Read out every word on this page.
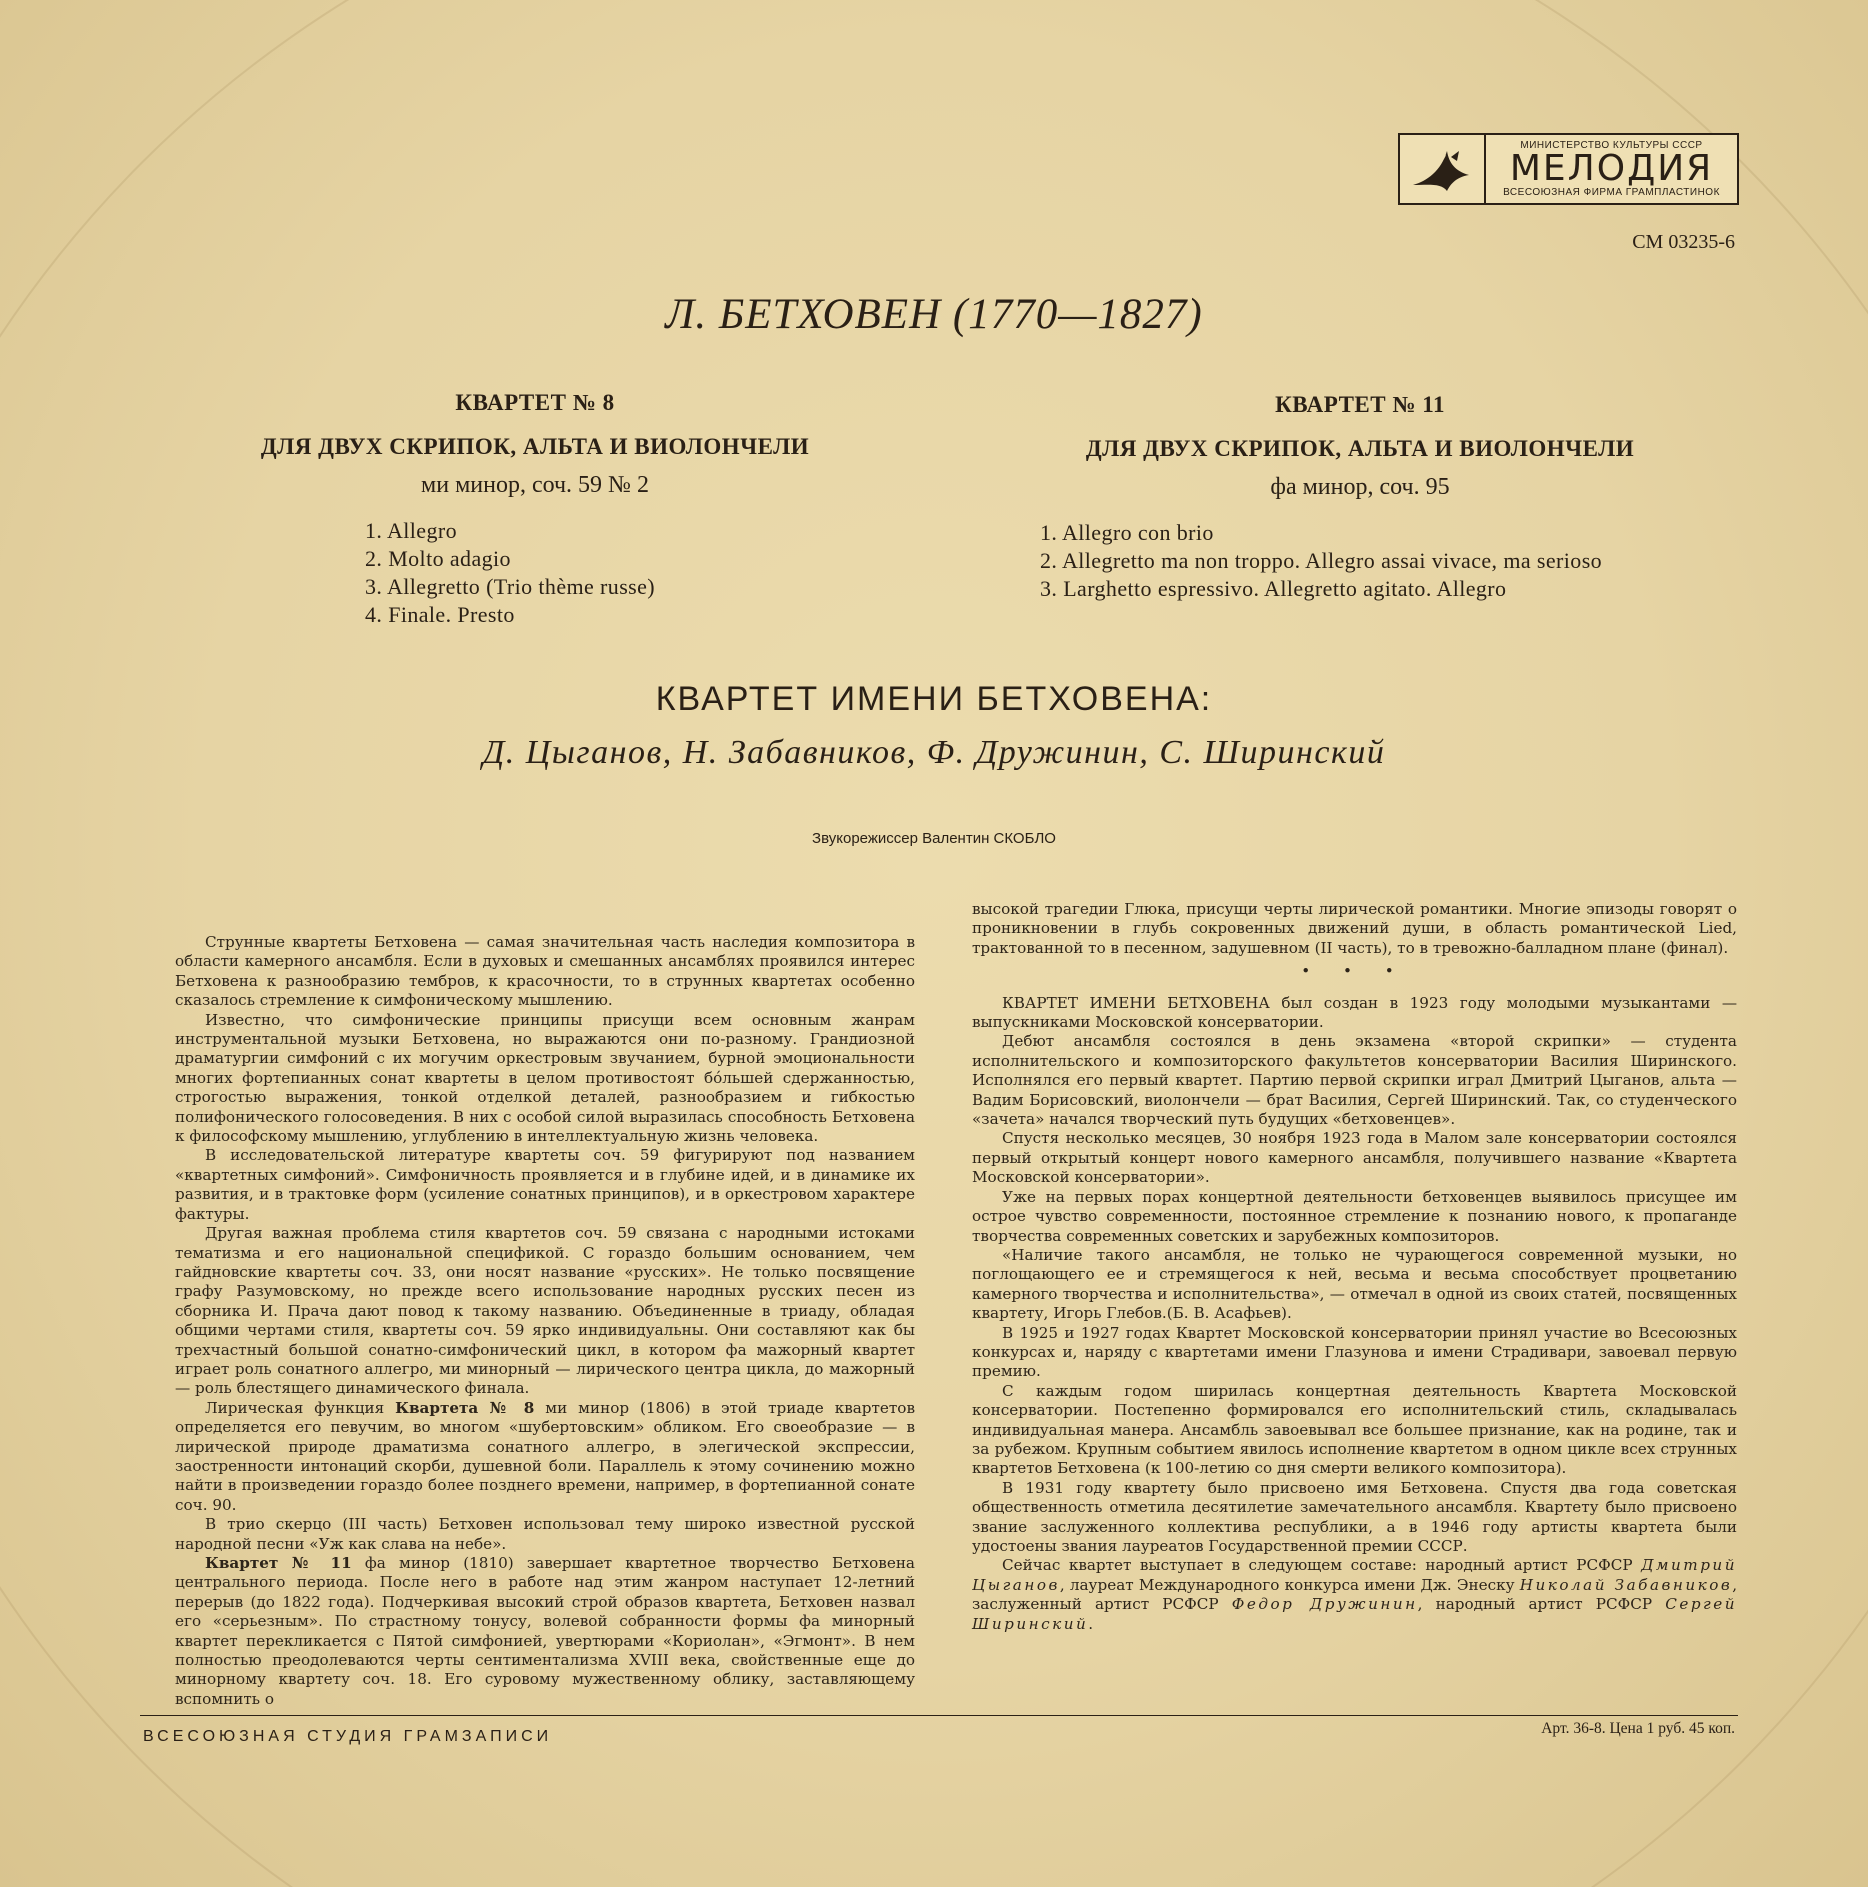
МИНИСТЕРСТВО КУЛЬТУРЫ СССР
МЕЛОДИЯ
ВСЕСОЮЗНАЯ ФИРМА ГРАМПЛАСТИНОК
СМ 03235-6
Л. БЕТХОВЕН (1770—1827)
КВАРТЕТ № 8
ДЛЯ ДВУХ СКРИПОК, АЛЬТА И ВИОЛОНЧЕЛИ
ми минор, соч. 59 № 2
1. Allegro
2. Molto adagio
3. Allegretto (Trio thème russe)
4. Finale. Presto
КВАРТЕТ № 11
ДЛЯ ДВУХ СКРИПОК, АЛЬТА И ВИОЛОНЧЕЛИ
фа минор, соч. 95
1. Allegro con brio
2. Allegretto ma non troppo. Allegro assai vivace, ma serioso
3. Larghetto espressivo. Allegretto agitato. Allegro
КВАРТЕТ ИМЕНИ БЕТХОВЕНА:
Д. Цыганов, Н. Забавников, Ф. Дружинин, С. Ширинский
Звукорежиссер Валентин СКОБЛО

Струнные квартеты Бетховена — самая значительная часть наследия композитора в области камерного ансамбля. Если в духовых и смешанных ансамблях проявился интерес Бетховена к разнообразию тембров, к красочности, то в струнных квартетах особенно сказалось стремление к симфоническому мышлению.

Известно, что симфонические принципы присущи всем основным жанрам инструментальной музыки Бетховена, но выражаются они по-разному. Грандиозной драматургии симфоний с их могучим оркестровым звучанием, бурной эмоциональности многих фортепианных сонат квартеты в целом противостоят бо́льшей сдержанностью, строгостью выражения, тонкой отделкой деталей, разнообразием и гибкостью полифонического голосоведения. В них с особой силой выразилась способность Бетховена к философскому мышлению, углублению в интеллектуальную жизнь человека.

В исследовательской литературе квартеты соч. 59 фигурируют под названием «квартетных симфоний». Симфоничность проявляется и в глубине идей, и в динамике их развития, и в трактовке форм (усиление сонатных принципов), и в оркестровом характере фактуры.

Другая важная проблема стиля квартетов соч. 59 связана с народными истоками тематизма и его национальной спецификой. С гораздо большим основанием, чем гайдновские квартеты соч. 33, они носят название «русских». Не только посвящение графу Разумовскому, но прежде всего использование народных русских песен из сборника И. Прача дают повод к такому названию. Объединенные в триаду, обладая общими чертами стиля, квартеты соч. 59 ярко индивидуальны. Они составляют как бы трехчастный большой сонатно-симфонический цикл, в котором фа мажорный квартет играет роль сонатного аллегро, ми минорный — лирического центра цикла, до мажорный — роль блестящего динамического финала.

Лирическая функция Квартета № 8 ми минор (1806) в этой триаде квартетов определяется его певучим, во многом «шубертовским» обликом. Его своеобразие — в лирической природе драматизма сонатного аллегро, в элегической экспрессии, заостренности интонаций скорби, душевной боли. Параллель к этому сочинению можно найти в произведении гораздо более позднего времени, например, в фортепианной сонате соч. 90.

В трио скерцо (III часть) Бетховен использовал тему широко известной русской народной песни «Уж как слава на небе».

Квартет № 11 фа минор (1810) завершает квартетное творчество Бетховена центрального периода. После него в работе над этим жанром наступает 12-летний перерыв (до 1822 года). Подчеркивая высокий строй образов квартета, Бетховен назвал его «серьезным». По страстному тонусу, волевой собранности формы фа минорный квартет перекликается с Пятой симфонией, увертюрами «Кориолан», «Эгмонт». В нем полностью преодолеваются черты сентиментализма XVIII века, свойственные еще до минорному квартету соч. 18. Его суровому мужественному облику, заставляющему вспомнить о

высокой трагедии Глюка, присущи черты лирической романтики. Многие эпизоды говорят о проникновении в глубь сокровенных движений души, в область романтической Lied, трактованной то в песенном, задушевном (II часть), то в тревожно-балладном плане (финал).

• • •

КВАРТЕТ ИМЕНИ БЕТХОВЕНА был создан в 1923 году молодыми музыкантами — выпускниками Московской консерватории.

Дебют ансамбля состоялся в день экзамена «второй скрипки» — студента исполнительского и композиторского факультетов консерватории Василия Ширинского. Исполнялся его первый квартет. Партию первой скрипки играл Дмитрий Цыганов, альта — Вадим Борисовский, виолончели — брат Василия, Сергей Ширинский. Так, со студенческого «зачета» начался творческий путь будущих «бетховенцев».

Спустя несколько месяцев, 30 ноября 1923 года в Малом зале консерватории состоялся первый открытый концерт нового камерного ансамбля, получившего название «Квартета Московской консерватории».

Уже на первых порах концертной деятельности бетховенцев выявилось присущее им острое чувство современности, постоянное стремление к познанию нового, к пропаганде творчества современных советских и зарубежных композиторов.

«Наличие такого ансамбля, не только не чурающегося современной музыки, но поглощающего ее и стремящегося к ней, весьма и весьма способствует процветанию камерного творчества и исполнительства», — отмечал в одной из своих статей, посвященных квартету, Игорь Глебов.(Б. В. Асафьев).

В 1925 и 1927 годах Квартет Московской консерватории принял участие во Всесоюзных конкурсах и, наряду с квартетами имени Глазунова и имени Страдивари, завоевал первую премию.

С каждым годом ширилась концертная деятельность Квартета Московской консерватории. Постепенно формировался его исполнительский стиль, складывалась индивидуальная манера. Ансамбль завоевывал все большее признание, как на родине, так и за рубежом. Крупным событием явилось исполнение квартетом в одном цикле всех струнных квартетов Бетховена (к 100-летию со дня смерти великого композитора).

В 1931 году квартету было присвоено имя Бетховена. Спустя два года советская общественность отметила десятилетие замечательного ансамбля. Квартету было присвоено звание заслуженного коллектива республики, а в 1946 году артисты квартета были удостоены звания лауреатов Государственной премии СССР.

Сейчас квартет выступает в следующем составе: народный артист РСФСР Дмитрий Цыганов, лауреат Международного конкурса имени Дж. Энеску Николай Забавников, заслуженный артист РСФСР Федор Дружинин, народный артист РСФСР Сергей Ширинский.

ВСЕСОЮЗНАЯ СТУДИЯ ГРАМЗАПИСИ	Арт. 36-8. Цена 1 руб. 45 коп.
